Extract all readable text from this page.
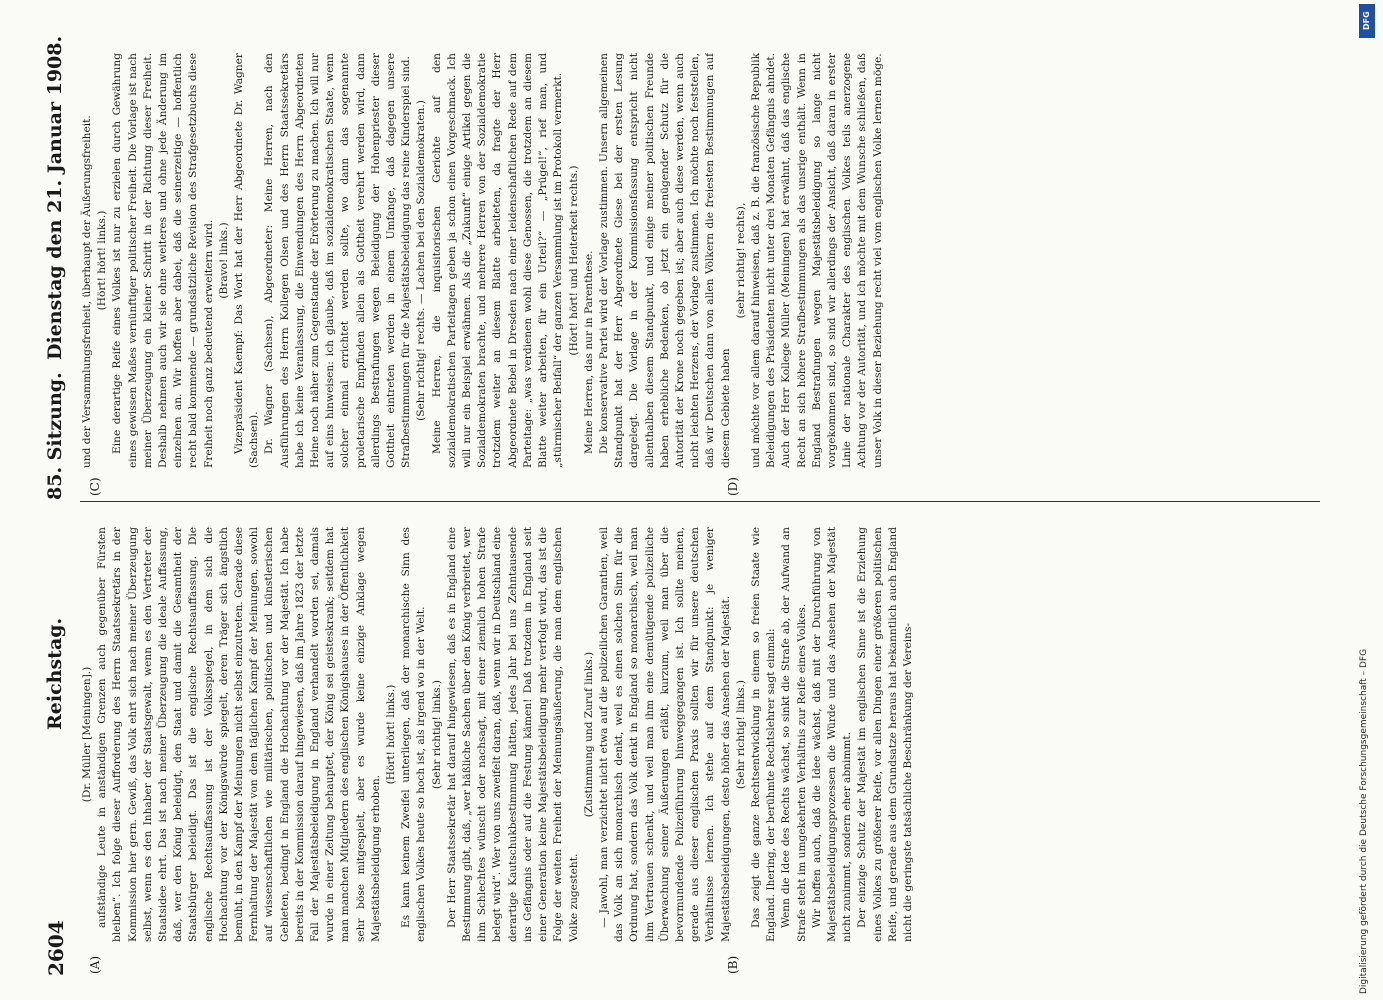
2604
Reichstag.
85. Sitzung.
Dienstag den 21. Januar 1908.
(A)	(B)
(C)	(D)

(Dr. Müller [Meiningen].) aufständige Leute in anständigen Grenzen auch gegenüber Fürsten bleiben“. Ich folge dieser Aufforderung des Herrn Staatssekretärs in der Kommission hier gern. Gewiß, das Volk ehrt sich nach meiner Überzeugung selbst, wenn es den Inhaber der Staatsgewalt, wenn es den Vertreter der Staatsidee ehrt. Das ist nach meiner Überzeugung die ideale Auffassung, daß, wer den König beleidigt, den Staat und damit die Gesamtheit der Staatsbürger beleidigt. Das ist die englische Rechtsauffassung. Die englische Rechtsauffassung ist der Volksspiegel, in dem sich die Hochachtung vor der Königswürde spiegelt, deren Träger sich ängstlich bemüht, in den Kampf der Meinungen nicht selbst einzutreten. Gerade diese Fernhaltung der Majestät von dem täglichen Kampf der Meinungen, sowohl auf wissenschaftlichen wie militärischen, politischen und künstlerischen Gebieten, bedingt in England die Hochachtung vor der Majestät. Ich habe bereits in der Kommission darauf hingewiesen, daß im Jahre 1823 der letzte Fall der Majestätsbeleidigung in England verhandelt worden sei, damals wurde in einer Zeitung behauptet, der König sei geisteskrank; seitdem hat man manchen Mitgliedern des englischen Königshauses in der Öffentlichkeit sehr böse mitgespielt, aber es wurde keine einzige Anklage wegen Majestätsbeleidigung erhoben.

(Hört! hört! links.) Es kann keinem Zweifel unterliegen, daß der monarchische Sinn des englischen Volkes heute so hoch ist, als irgend wo in der Welt. (Sehr richtig! links.) Der Herr Staatssekretär hat darauf hingewiesen, daß es in England eine Bestimmung gibt, daß, „wer häßliche Sachen über den König verbreitet, wer ihm Schlechtes wünscht oder nachsagt, mit einer ziemlich hohen Strafe belegt wird“. Wer von uns zweifelt daran, daß, wenn wir in Deutschland eine derartige Kautschukbestimmung hätten, jedes Jahr bei uns Zehntausende ins Gefängnis oder auf die Festung kämen! Daß trotzdem in England seit einer Generation keine Majestätsbeleidigung mehr verfolgt wird, das ist die Folge der weiten Freiheit der Meinungsäußerung, die man dem englischen Volke zugesteht.

(Zustimmung und Zuruf links.) — Jawohl, man verzichtet nicht etwa auf die polizeilichen Garantien, weil das Volk an sich monarchisch denkt, weil es einen solchen Sinn für die Ordnung hat, sondern das Volk denkt in England so monarchisch, weil man ihm Vertrauen schenkt, und weil man ihm eine demütigende polizeiliche Überwachung seiner Äußerungen erläßt, kurzum, weil man über die bevormundende Polizeiführung hinweggegangen ist. Ich sollte meinen, gerade aus dieser englischen Praxis sollten wir für unsere deutschen Verhältnisse lernen. Ich stehe auf dem Standpunkt: je weniger Majestätsbeleidigungen, desto höher das Ansehen der Majestät. (Sehr richtig! links.) Das zeigt die ganze Rechtsentwicklung in einem so freien Staate wie England. Ihering, der berühmte Rechtslehrer sagt einmal: Wenn die Idee des Rechts wächst, so sinkt die Strafe ab, der Aufwand an Strafe steht im umgekehrten Verhältnis zur Reife eines Volkes. Wir hoffen auch, daß die Idee wächst, daß mit der Durchführung von Majestätsbeleidigungsprozessen die Würde und das Ansehen der Majestät nicht zunimmt, sondern eher abnimmt. Der einzige Schutz der Majestät im englischen Sinne ist die Erziehung eines Volkes zu größerer Reife, vor allen Dingen einer größeren politischen Reife, und gerade aus dem Grundsatze heraus hat bekanntlich auch England nicht die geringste tatsächliche Beschränkung der Vereins-

und der Versammlungsfreiheit, überhaupt der Äußerungsfreiheit. (Hört! hört! links.) Eine derartige Reife eines Volkes ist nur zu erzielen durch Gewährung eines gewissen Maßes vernünftiger politischer Freiheit. Die Vorlage ist nach meiner Überzeugung ein kleiner Schritt in der Richtung dieser Freiheit. Deshalb nehmen auch wir sie ohne weiteres und ohne jede Änderung im einzelnen an. Wir hoffen aber dabei, daß die seinerzeitige — hoffentlich recht bald kommende — grundsätzliche Revision des Strafgesetzbuchs diese Freiheit noch ganz bedeutend erweitern wird. (Bravo! links.) Vizepräsident Kaempf: Das Wort hat der Herr Abgeordnete Dr. Wagner (Sachsen). Dr. Wagner (Sachsen), Abgeordneter: Meine Herren, nach den Ausführungen des Herrn Kollegen Olsen und des Herrn Staatssekretärs habe ich keine Veranlassung, die Einwendungen des Herrn Abgeordneten Heine noch näher zum Gegenstande der Erörterung zu machen. Ich will nur auf eins hinweisen: ich glaube, daß im sozialdemokratischen Staate, wenn solcher einmal errichtet werden sollte, wo dann das sogenannte proletarische Empfinden allein als Gottheit verehrt werden wird, dann allerdings Bestrafungen wegen Beleidigung der Hohenpriester dieser Gottheit eintreten werden in einem Umfange, daß dagegen unsere Strafbestimmungen für die Majestätsbeleidigung das reine Kinderspiel sind. (Sehr richtig! rechts. — Lachen bei den Sozialdemokraten.) Meine Herren, die inquisitorischen Gerichte auf den sozialdemokratischen Parteitagen geben ja schon einen Vorgeschmack. Ich will nur ein Beispiel erwähnen. Als die „Zukunft“ einige Artikel gegen die Sozialdemokraten brachte, und mehrere Herren von der Sozialdemokratie trotzdem weiter an diesem Blatte arbeiteten, da fragte der Herr Abgeordnete Bebel in Dresden nach einer leidenschaftlichen Rede auf dem Parteitage: „was verdienen wohl diese Genossen, die trotzdem an diesem Blatte weiter arbeiten, für ein Urteil?“ — „Prügel!“, rief man, und „stürmischer Beifall“ der ganzen Versammlung ist im Protokoll vermerkt. (Hört! hört! und Heiterkeit rechts.) Meine Herren, das nur in Parenthese. Die konservative Partei wird der Vorlage zustimmen. Unsern allgemeinen Standpunkt hat der Herr Abgeordnete Giese bei der ersten Lesung dargelegt. Die Vorlage in der Kommissionsfassung entspricht nicht allenthalben diesem Standpunkt, und einige meiner politischen Freunde haben erhebliche Bedenken, ob jetzt ein genügender Schutz für die Autorität der Krone noch gegeben ist; aber auch diese werden, wenn auch nicht leichten Herzens, der Vorlage zustimmen. Ich möchte noch feststellen, daß wir Deutschen dann von allen Völkern die freiesten Bestimmungen auf diesem Gebiete haben

(sehr richtig! rechts), und möchte vor allem darauf hinweisen, daß z. B. die französische Republik Beleidigungen des Präsidenten nicht unter drei Monaten Gefängnis ahndet. Auch der Herr Kollege Müller (Meiningen) hat erwähnt, daß das englische Recht an sich höhere Strafbestimmungen als das unsrige enthält. Wenn in England Bestrafungen wegen Majestätsbeleidigung so lange nicht vorgekommen sind, so sind wir allerdings der Ansicht, daß daran in erster Linie der nationale Charakter des englischen Volkes teils anerzogene Achtung vor der Autorität, und ich möchte mit dem Wunsche schließen, daß unser Volk in dieser Beziehung recht viel vom englischen Volke lernen möge.

DFG
Digitalisierung gefördert durch die Deutsche Forschungsgemeinschaft – DFG
